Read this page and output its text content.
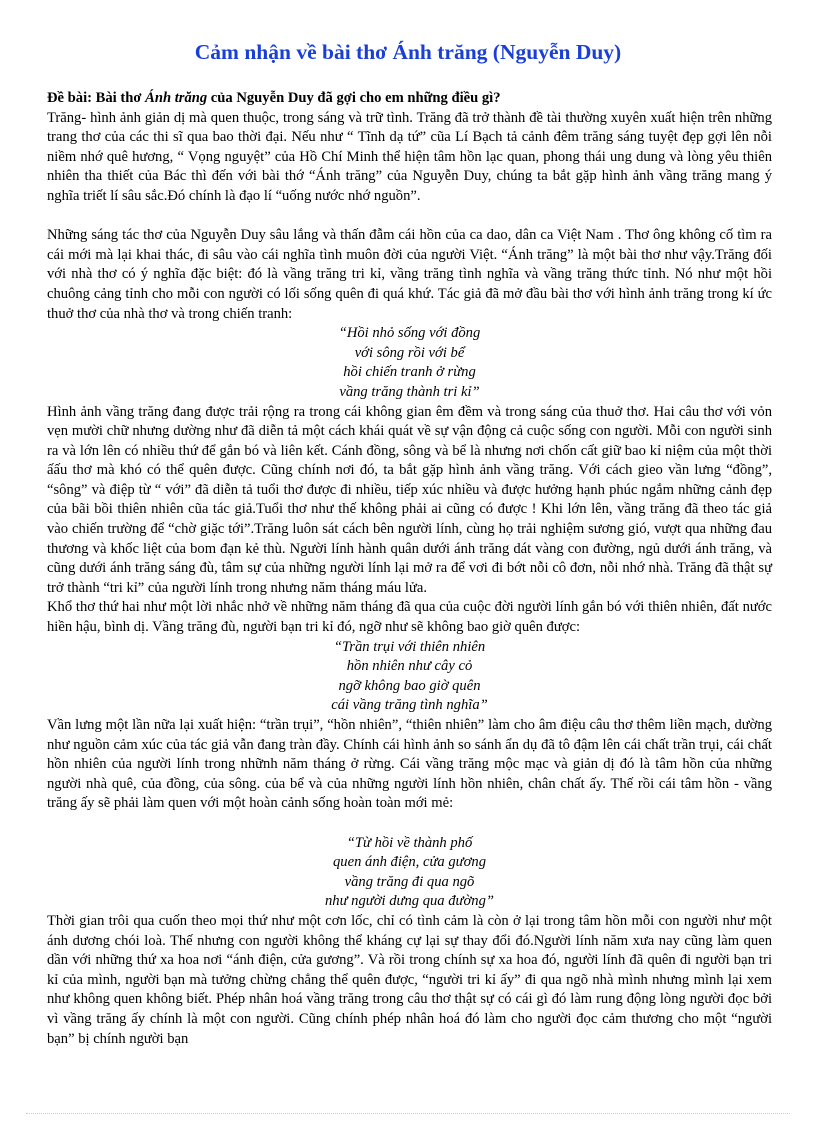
Cảm nhận về bài thơ Ánh trăng (Nguyễn Duy)
Đề bài: Bài thơ Ánh trăng của Nguyễn Duy đã gợi cho em những điều gì?

Trăng- hình ảnh giản dị mà quen thuộc, trong sáng và trữ tình. Trăng đã trở thành đề tài thường xuyên xuất hiện trên những trang thơ của các thi sĩ qua bao thời đại. Nếu như “ Tĩnh dạ tứ” cũa Lí Bạch tả cảnh đêm trăng sáng tuyệt đẹp gợi lên nỗi niềm nhớ quê hương, “ Vọng nguyệt” của Hồ Chí Minh thể hiện tâm hồn lạc quan, phong thái ung dung và lòng yêu thiên nhiên tha thiết của Bác thì đến với bài thớ “Ánh trăng” của Nguyễn Duy, chúng ta bắt gặp hình ảnh vầng trăng mang ý nghĩa triết lí sâu sắc.Đó chính là đạo lí “uống nước nhớ nguồn”.

Những sáng tác thơ của Nguyễn Duy sâu lắng và thấn đẫm cái hồn của ca dao, dân ca Việt Nam . Thơ ông không cố tìm ra cái mới mà lại khai thác, đi sâu vào cái nghĩa tình muôn đời của người Việt. “Ánh trăng” là một bài thơ như vậy.Trăng đối với nhà thơ có ý nghĩa đặc biệt: đó là vầng trăng tri kỉ, vầng trăng tình nghĩa và vầng trăng thức tỉnh. Nó như một hồi chuông cảng tỉnh cho mỗi con người có lối sống quên đi quá khứ. Tác giả đã mở đầu bài thơ với hình ảnh trăng trong kí ức thuở thơ của nhà thơ và trong chiến tranh:

“Hồi nhỏ sống với đồng
với sông rồi với bể
hồi chiến tranh ở rừng
vầng trăng thành tri kỉ”

Hình ảnh vầng trăng đang được trải rộng ra trong cái không gian êm đềm và trong sáng của thuở thơ. Hai câu thơ với vỏn vẹn mười chữ nhưng dường như đã diễn tả một cách khái quát về sự vận động cả cuộc sống con người. Mỗi con người sinh ra và lớn lên có nhiều thứ để gắn bó và liên kết. Cánh đồng, sông và bể là nhưng nơi chốn cất giữ bao kỉ niệm của một thời ấấu thơ mà khó có thể quên được. Cũng chính nơi đó, ta bắt gặp hình ảnh vầng trăng. Với cách gieo vần lưng “đồng”, “sông” và điệp từ “ với” đã diễn tả tuổi thơ được đi nhiều, tiếp xúc nhiều và được hưởng hạnh phúc ngắm những cảnh đẹp của bãi bồi thiên nhiên cũa tác giả.Tuổi thơ như thế không phải ai cũng có được ! Khi lớn lên, vầng trăng đã theo tác giả vào chiến trường để “chờ giặc tới”.Trăng luôn sát cách bên người lính, cùng họ trải nghiệm sương gió, vượt qua những đau thương và khốc liệt của bom đạn kẻ thù. Người lính hành quân dưới ánh trăng dát vàng con đường, ngủ dưới ánh trăng, và cũng dưới ánh trăng sáng đù, tâm sự của những người lính lại mở ra để vơi đi bớt nỗi cô đơn, nỗi nhớ nhà. Trăng đã thật sự trở thành “tri kỉ” của người lính trong nhưng năm tháng máu lửa.

Khổ thơ thứ hai như một lời nhắc nhở về những năm tháng đã qua của cuộc đời người lính gắn bó với thiên nhiên, đất nước hiền hậu, bình dị. Vầng trăng đù, người bạn tri kỉ đó, ngỡ như sẽ không bao giờ quên được:

“Trần trụi với thiên nhiên
hồn nhiên như cây cỏ
ngỡ không bao giờ quên
cái vầng trăng tình nghĩa”

Vần lưng một lần nữa lại xuất hiện: “trần trụi”, “hồn nhiên”, “thiên nhiên” làm cho âm điệu câu thơ thêm liền mạch, dường như nguồn cảm xúc của tác giả vẫn đang tràn đầy. Chính cái hình ảnh so sánh ẩn dụ đã tô đậm lên cái chất trần trụi, cái chất hồn nhiên của người lính trong nhữnh năm tháng ở rừng. Cái vầng trăng mộc mạc và giản dị đó là tâm hồn của những người nhà quê, của đồng, của sông. của bể và của những người lính hồn nhiên, chân chất ấy. Thế rồi cái tâm hồn - vầng trăng ấy sẽ phải làm quen với một hoàn cảnh sống hoàn toàn mới mẻ:

“Từ hồi về thành phố
quen ánh điện, cửa gương
vầng trăng đi qua ngõ
như người dưng qua đường”

Thời gian trôi qua cuốn theo mọi thứ như một cơn lốc, chỉ có tình cảm là còn ở lại trong tâm hồn mỗi con người như một ánh dương chói loà. Thế nhưng con người không thể kháng cự lại sự thay đổi đó.Người lính năm xưa nay cũng làm quen dần với những thứ xa hoa nơi “ánh điện, cửa gương”. Và rồi trong chính sự xa hoa đó, người lính đã quên đi người bạn tri kỉ của mình, người bạn mà tưởng chừng chẳng thể quên được, “người tri kỉ ấy” đi qua ngõ nhà mình nhưng mình lại xem như không quen không biết. Phép nhân hoá vầng trăng trong câu thơ thật sự có cái gì đó làm rung động lòng người đọc bởi vì vầng trăng ấy chính là một con người. Cũng chính phép nhân hoá đó làm cho người đọc cảm thương cho một “người bạn” bị chính người bạn
